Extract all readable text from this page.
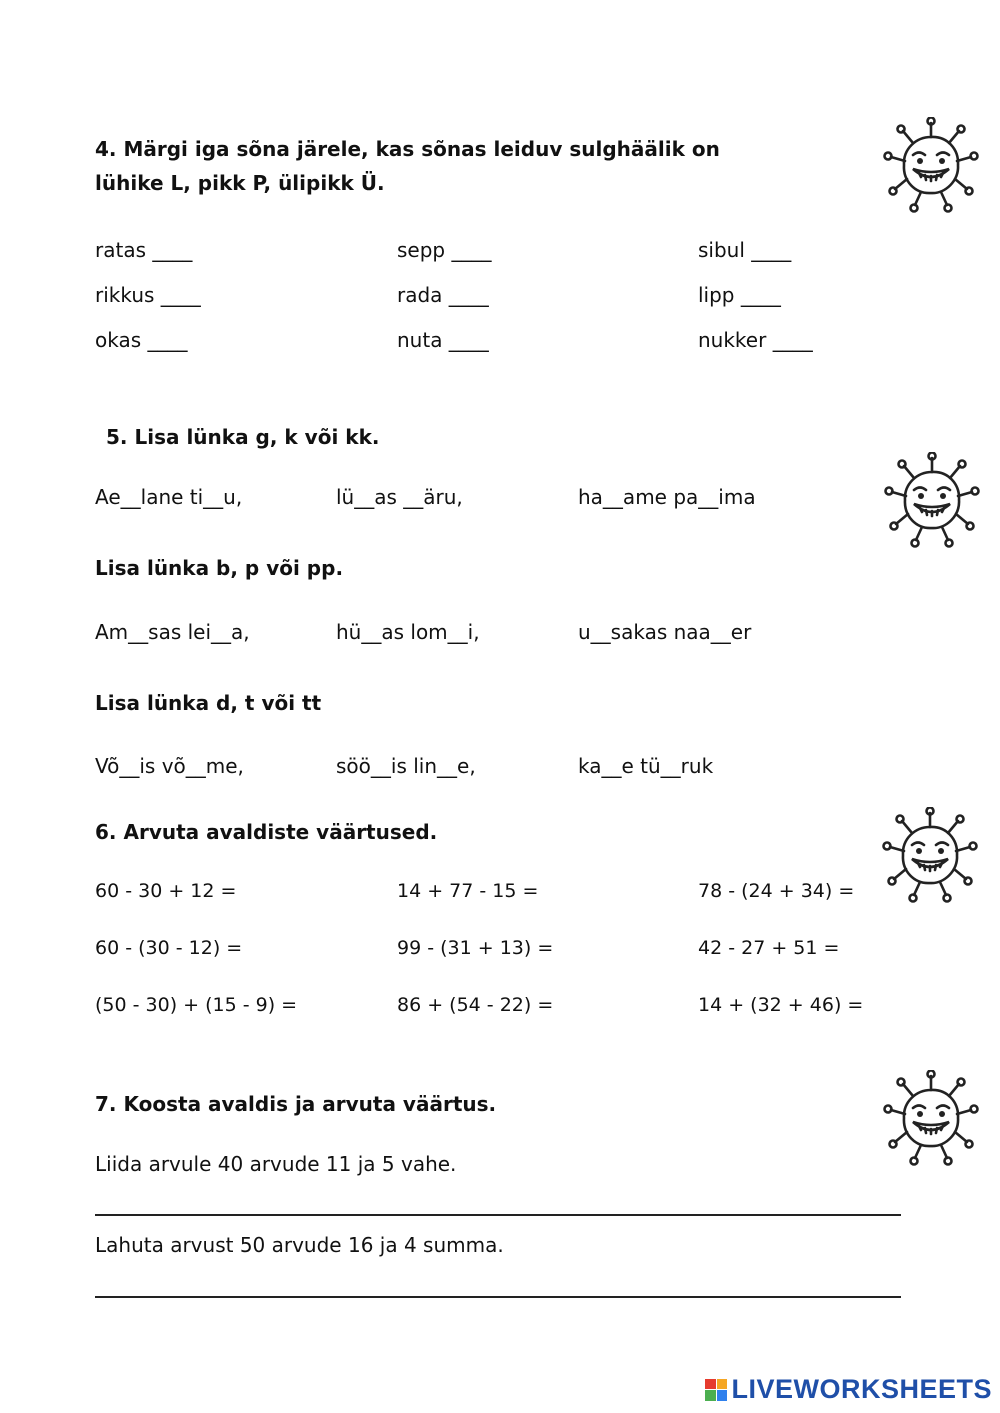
4. Märgi iga sõna järele, kas sõnas leiduv sulghäälik on
lühike L, pikk P, ülipikk Ü.
ratas ____	sepp ____	sibul ____
rikkus ____	rada ____	lipp ____
okas ____	nuta ____	nukker ____
5. Lisa lünka g, k või kk.
Ae__lane ti__u,	lü__as __äru,	ha__ame pa__ima
Lisa lünka b, p või pp.
Am__sas lei__a,	hü__as lom__i,	u__sakas naa__er
Lisa lünka d, t või tt
Võ__is võ__me,	söö__is lin__e,	ka__e tü__ruk
6. Arvuta avaldiste väärtused.
60 - 30 + 12 =	14 + 77 - 15 =	78 - (24 + 34) =
60 - (30 - 12) =	99 - (31 + 13) =	42 - 27 + 51 =
(50 - 30) + (15 - 9) =	86 + (54 - 22) =	14 + (32 + 46) =
7. Koosta avaldis ja arvuta väärtus.
Liida arvule 40 arvude 11 ja 5 vahe.
Lahuta arvust 50 arvude 16 ja 4 summa.
LIVEWORKSHEETS
